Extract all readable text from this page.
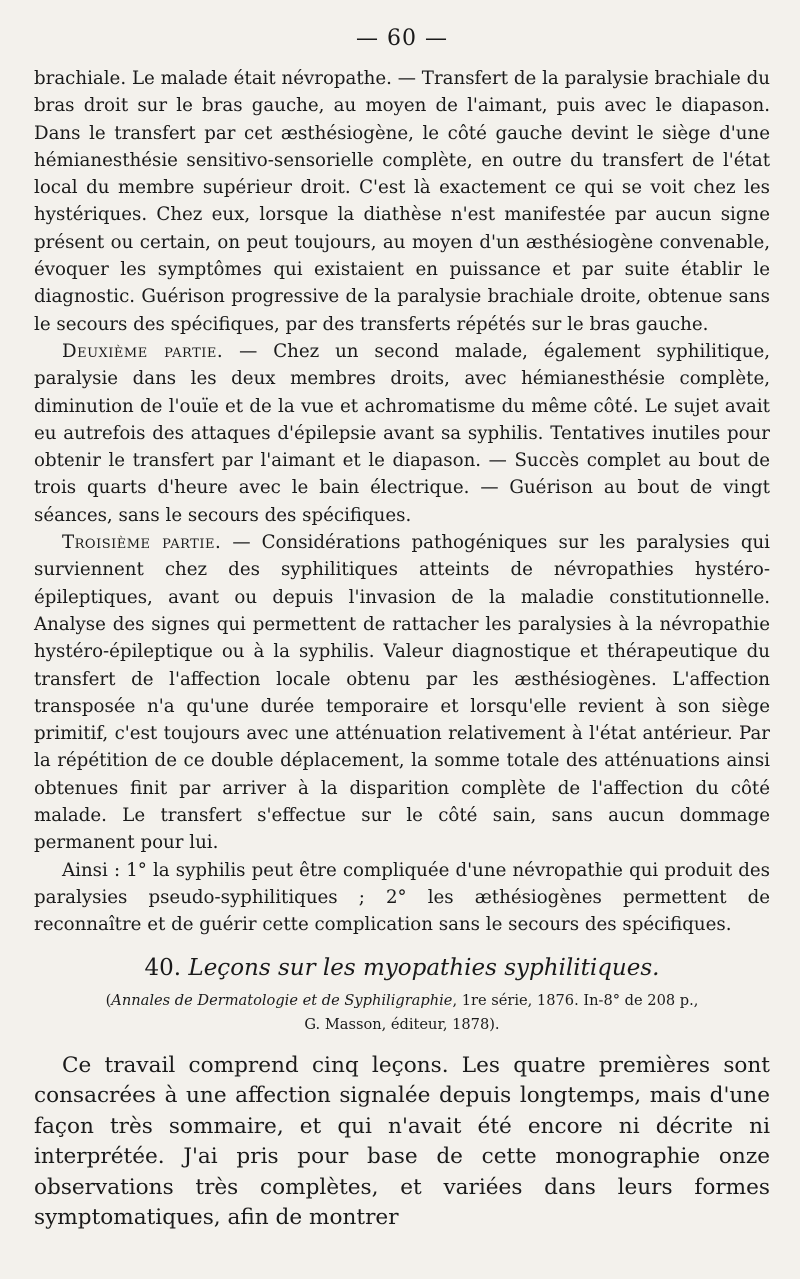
— 60 —

brachiale. Le malade était névropathe. — Transfert de la paralysie brachiale du bras droit sur le bras gauche, au moyen de l'aimant, puis avec le diapason. Dans le transfert par cet æsthésiogène, le côté gauche devint le siège d'une hémianesthésie sensitivo-sensorielle complète, en outre du transfert de l'état local du membre supérieur droit. C'est là exactement ce qui se voit chez les hystériques. Chez eux, lorsque la diathèse n'est manifestée par aucun signe présent ou certain, on peut toujours, au moyen d'un æsthésiogène convenable, évoquer les symptômes qui existaient en puissance et par suite établir le diagnostic. Guérison progressive de la paralysie brachiale droite, obtenue sans le secours des spécifiques, par des transferts répétés sur le bras gauche.

Deuxième partie. — Chez un second malade, également syphilitique, paralysie dans les deux membres droits, avec hémianesthésie complète, diminution de l'ouïe et de la vue et achromatisme du même côté. Le sujet avait eu autrefois des attaques d'épilepsie avant sa syphilis. Tentatives inutiles pour obtenir le transfert par l'aimant et le diapason. — Succès complet au bout de trois quarts d'heure avec le bain électrique. — Guérison au bout de vingt séances, sans le secours des spécifiques.

Troisième partie. — Considérations pathogéniques sur les paralysies qui surviennent chez des syphilitiques atteints de névropathies hystéro-épileptiques, avant ou depuis l'invasion de la maladie constitutionnelle. Analyse des signes qui permettent de rattacher les paralysies à la névropathie hystéro-épileptique ou à la syphilis. Valeur diagnostique et thérapeutique du transfert de l'affection locale obtenu par les æsthésiogènes. L'affection transposée n'a qu'une durée temporaire et lorsqu'elle revient à son siège primitif, c'est toujours avec une atténuation relativement à l'état antérieur. Par la répétition de ce double déplacement, la somme totale des atténuations ainsi obtenues finit par arriver à la disparition complète de l'affection du côté malade. Le transfert s'effectue sur le côté sain, sans aucun dommage permanent pour lui.

Ainsi : 1° la syphilis peut être compliquée d'une névropathie qui produit des paralysies pseudo-syphilitiques ; 2° les æthésiogènes permettent de reconnaître et de guérir cette complication sans le secours des spécifiques.

40. Leçons sur les myopathies syphilitiques.
(Annales de Dermatologie et de Syphiligraphie, 1re série, 1876. In-8° de 208 p.,
G. Masson, éditeur, 1878).

Ce travail comprend cinq leçons. Les quatre premières sont consacrées à une affection signalée depuis longtemps, mais d'une façon très sommaire, et qui n'avait été encore ni décrite ni interprétée. J'ai pris pour base de cette monographie onze observations très complètes, et variées dans leurs formes symptomatiques, afin de montrer
